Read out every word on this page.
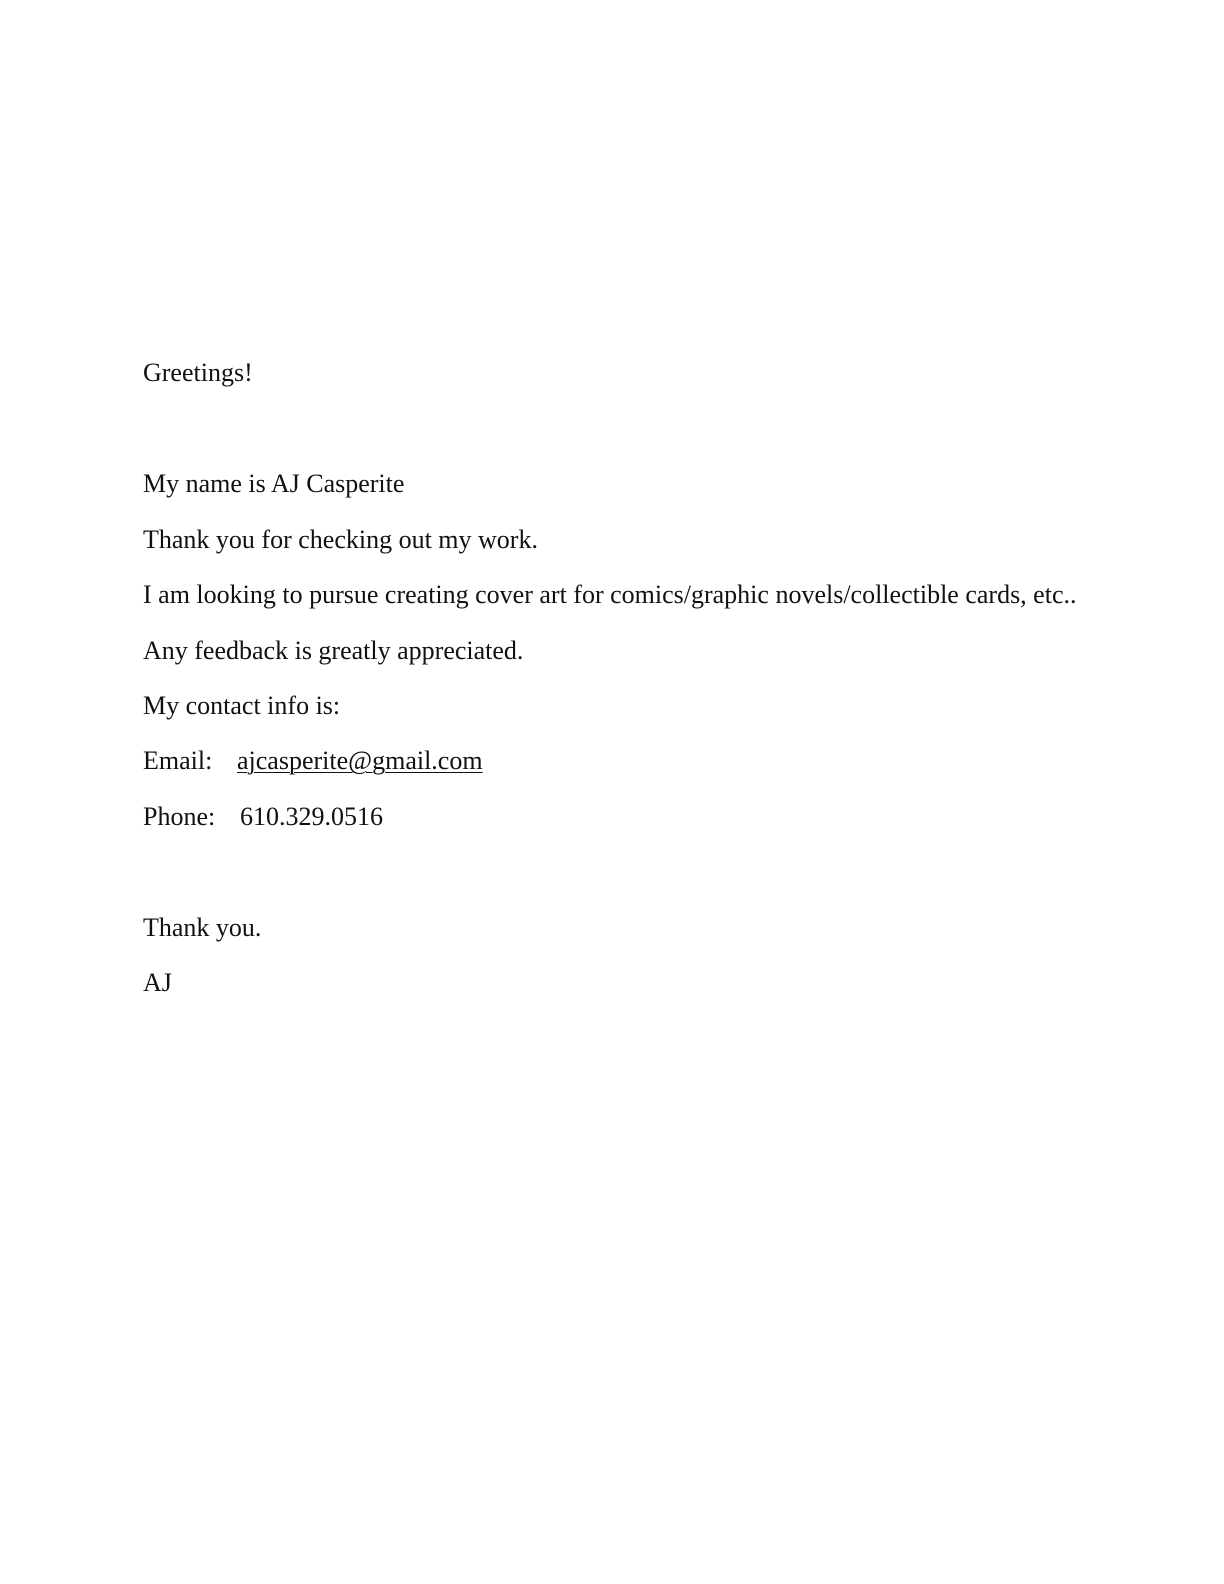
Greetings!

My name is AJ Casperite

Thank you for checking out my work.

I am looking to pursue creating cover art for comics/graphic novels/collectible cards, etc..

Any feedback is greatly appreciated.

My contact info is:

Email: ajcasperite@gmail.com

Phone: 610.329.0516

Thank you.

AJ
